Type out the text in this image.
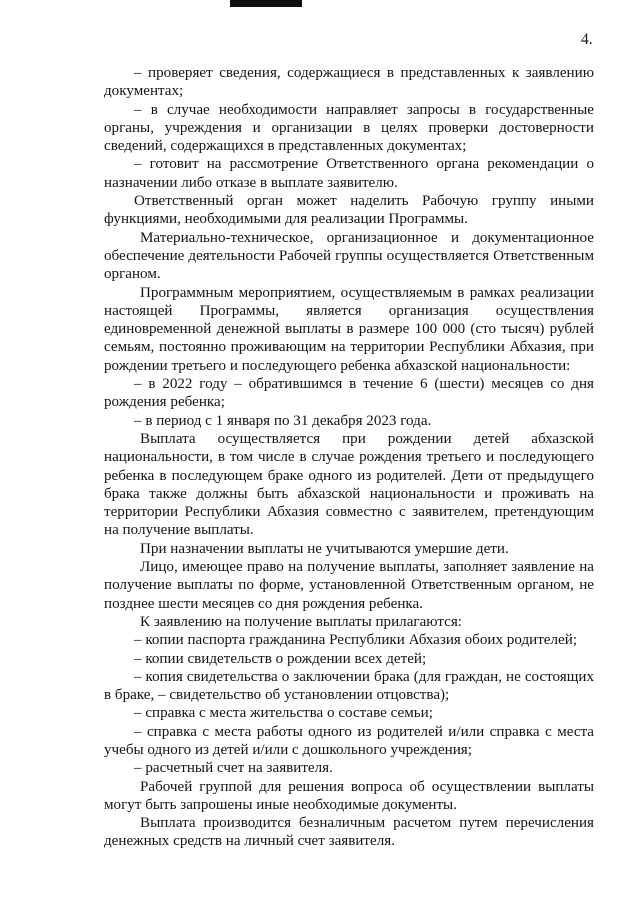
4.

– проверяет сведения, содержащиеся в представленных к заявлению документах;

– в случае необходимости направляет запросы в государственные органы, учреждения и организации в целях проверки достоверности сведений, содержащихся в представленных документах;

– готовит на рассмотрение Ответственного органа рекомендации о назначении либо отказе в выплате заявителю.

Ответственный орган может наделить Рабочую группу иными функциями, необходимыми для реализации Программы.

Материально-техническое, организационное и документационное обеспечение деятельности Рабочей группы осуществляется Ответственным органом.

Программным мероприятием, осуществляемым в рамках реализации настоящей Программы, является организация осуществления единовременной денежной выплаты в размере 100 000 (сто тысяч) рублей семьям, постоянно проживающим на территории Республики Абхазия, при рождении третьего и последующего ребенка абхазской национальности:

– в 2022 году – обратившимся в течение 6 (шести) месяцев со дня рождения ребенка;

– в период с 1 января по 31 декабря 2023 года.

Выплата осуществляется при рождении детей абхазской национальности, в том числе в случае рождения третьего и последующего ребенка в последующем браке одного из родителей. Дети от предыдущего брака также должны быть абхазской национальности и проживать на территории Республики Абхазия совместно с заявителем, претендующим на получение выплаты.

При назначении выплаты не учитываются умершие дети.

Лицо, имеющее право на получение выплаты, заполняет заявление на получение выплаты по форме, установленной Ответственным органом, не позднее шести месяцев со дня рождения ребенка.

К заявлению на получение выплаты прилагаются:

– копии паспорта гражданина Республики Абхазия обоих родителей;

– копии свидетельств о рождении всех детей;

– копия свидетельства о заключении брака (для граждан, не состоящих в браке, – свидетельство об установлении отцовства);

– справка с места жительства о составе семьи;

– справка с места работы одного из родителей и/или справка с места учебы одного из детей и/или с дошкольного учреждения;

– расчетный счет на заявителя.

Рабочей группой для решения вопроса об осуществлении выплаты могут быть запрошены иные необходимые документы.

Выплата производится безналичным расчетом путем перечисления денежных средств на личный счет заявителя.
